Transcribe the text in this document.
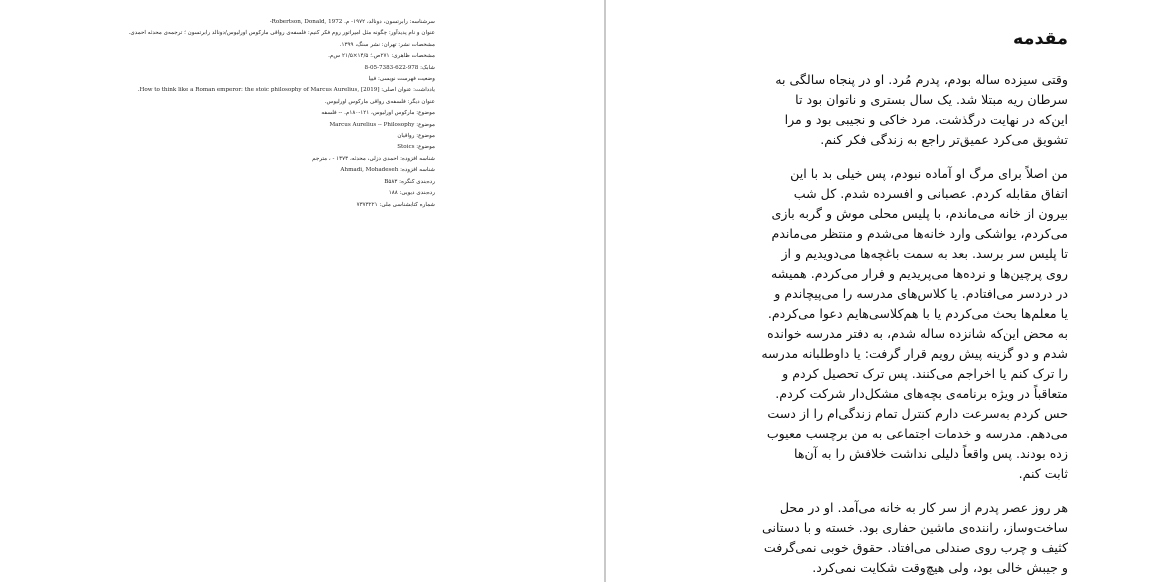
سرشناسه: رابرتسون، دونالد، ۱۹۷۲- م. Robertson, Donald, 1972-
عنوان و نام پدیدآور: چگونه مثل امپراتور روم فکر کنیم: فلسفه‌ی رواقی مارکوس اورلیوس/دونالد رابرتسون ؛ ترجمه‌ی محدثه احمدی.
مشخصات نشر: تهران: نشر سنگ، ۱۳۹۹.
مشخصات ظاهری: ۲۷۱ص.؛ ۱۴/۵×۲۱/۵ س‌م.
شابک: 978-622-7383-05-8
وضعیت فهرست نویسی: فیپا
یادداشت: عنوان اصلی: How to think like a Roman emperor: the stoic philosophy of Marcus Aurelius, [2019].
عنوان دیگر: فلسفه‌ی رواقی مارکوس اورلیوس.
موضوع: مارکوس اورلیوس، ۱۲۱-۱۸۰م. -- فلسفه
موضوع: Marcus Aurelius -- Philosophy
موضوع: رواقیان
موضوع: Stoics
شناسه افزوده: احمدی دزلی، محدثه، ۱۳۷۳ - ، مترجم
شناسه افزوده: Ahmadi, Mohadeseh
رده‌بندی کنگره: B۵۸۳
رده‌بندی دیویی: ۱۸۸
شماره کتابشناسی ملی: ۷۳۷۳۲۲۱
مقدمه

وقتی سیزده ساله بودم، پدرم مُرد. او در پنجاه سالگی به
سرطان ریه مبتلا شد. یک سال بستری و ناتوان بود تا
این‌که در نهایت درگذشت. مرد خاکی و نجیبی بود و مرا
تشویق می‌کرد عمیق‌تر راجع به زندگی فکر کنم.

من اصلاً برای مرگ او آماده نبودم، پس خیلی بد با این
اتفاق مقابله کردم. عصبانی و افسرده شدم. کل شب
بیرون از خانه می‌ماندم، با پلیس محلی موش و گربه بازی
می‌کردم، یواشکی وارد خانه‌ها می‌شدم و منتظر می‌ماندم
تا پلیس سر برسد. بعد به سمت باغچه‌ها می‌دویدیم و از
روی پرچین‌ها و نرده‌ها می‌پریدیم و فرار می‌کردم. همیشه
در دردسر می‌افتادم. یا کلاس‌های مدرسه را می‌پیچاندم و
یا معلم‌ها بحث می‌کردم یا با هم‌کلاسی‌هایم دعوا می‌کردم.
به محض این‌که شانزده ساله شدم، به دفتر مدرسه خوانده
شدم و دو گزینه پیش رویم قرار گرفت: یا داوطلبانه مدرسه
را ترک کنم یا اخراجم می‌کنند. پس ترک تحصیل کردم و
متعاقباً در ویژه برنامه‌ی بچه‌های مشکل‌دار شرکت کردم.
حس کردم به‌سرعت دارم کنترل تمام زندگی‌ام را از دست
می‌دهم. مدرسه و خدمات اجتماعی به من برچسب معیوب
زده بودند. پس واقعاً دلیلی نداشت خلافش را به آن‌ها
ثابت کنم.

هر روز عصر پدرم از سر کار به خانه می‌آمد. او در محل
ساخت‌وساز، راننده‌ی ماشین حفاری بود. خسته و با دستانی
کثیف و چرب روی صندلی می‌افتاد. حقوق خوبی نمی‌گرفت
و جیبش خالی بود، ولی هیچ‌وقت شکایت نمی‌کرد.
